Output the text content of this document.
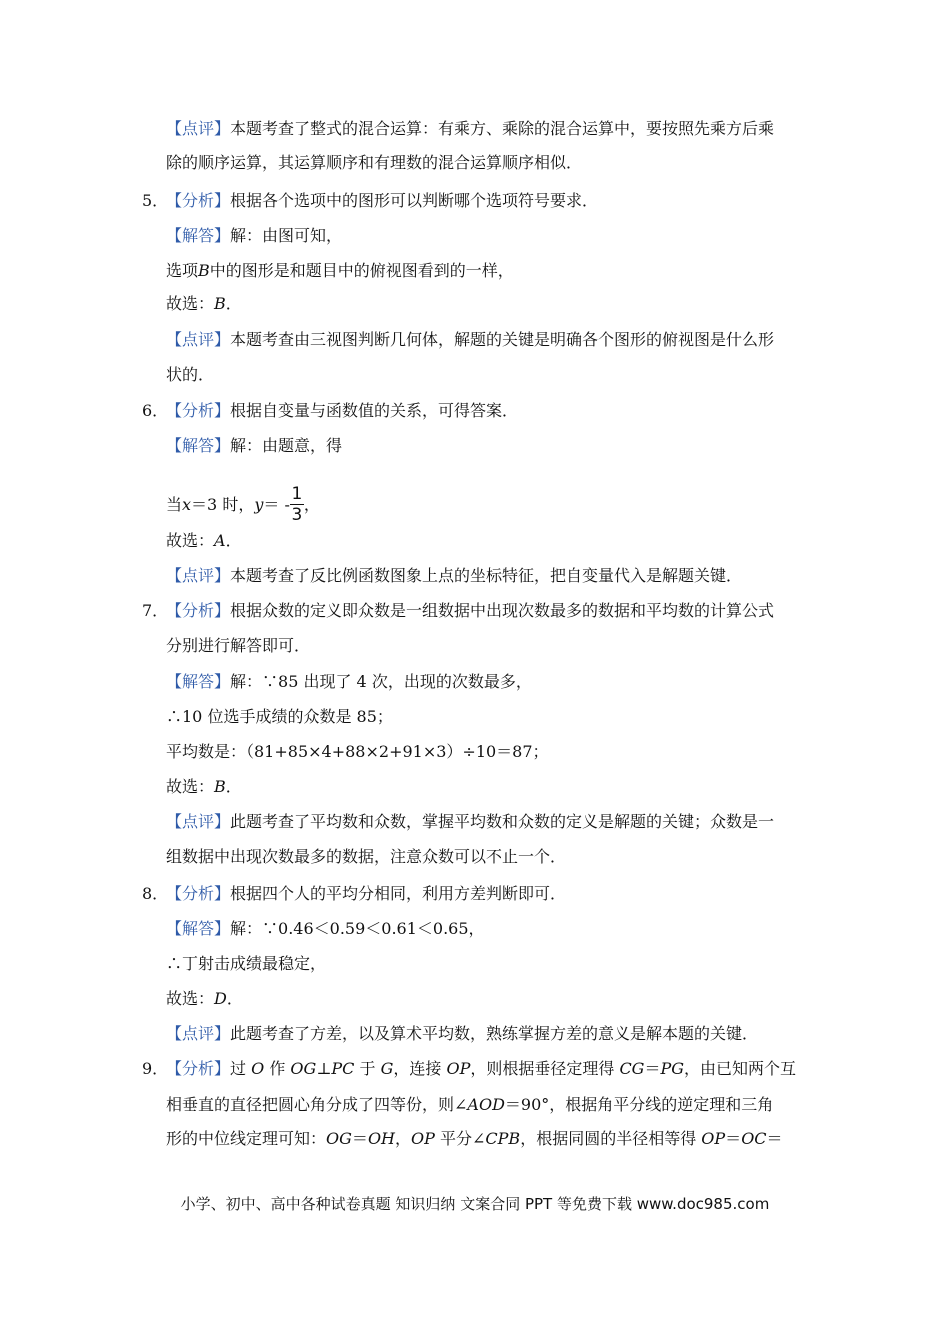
【点评】本题考查了整式的混合运算：有乘方、乘除的混合运算中，要按照先乘方后乘
除的顺序运算，其运算顺序和有理数的混合运算顺序相似．
5．
【分析】根据各个选项中的图形可以判断哪个选项符号要求．
【解答】解：由图可知，
选项B中的图形是和题目中的俯视图看到的一样，
故选：B．
【点评】本题考查由三视图判断几何体，解题的关键是明确各个图形的俯视图是什么形
状的．
6．
【分析】根据自变量与函数值的关系，可得答案．
【解答】解：由题意，得
当x＝3 时，$y= - \frac{1}{3}$ ，
故选：A．
【点评】本题考查了反比例函数图象上点的坐标特征，把自变量代入是解题关键．
7．
【分析】根据众数的定义即众数是一组数据中出现次数最多的数据和平均数的计算公式
分别进行解答即可．
【解答】解：∵85 出现了 4 次，出现的次数最多，
∴10 位选手成绩的众数是 85；
平均数是：（81+85×4+88×2+91×3）÷10＝87；
故选：B．
【点评】此题考查了平均数和众数，掌握平均数和众数的定义是解题的关键；众数是一
组数据中出现次数最多的数据，注意众数可以不止一个．
8．
【分析】根据四个人的平均分相同，利用方差判断即可．
【解答】解：∵0.46＜0.59＜0.61＜0.65，
∴丁射击成绩最稳定，
故选：D．
【点评】此题考查了方差，以及算术平均数，熟练掌握方差的意义是解本题的关键．
9．
【分析】过 O 作 OG⊥PC 于 G，连接 OP，则根据垂径定理得 CG＝PG，由已知两个互
相垂直的直径把圆心角分成了四等份，则∠AOD＝90°，根据角平分线的逆定理和三角
形的中位线定理可知：OG＝OH，OP 平分∠CPB，根据同圆的半径相等得 OP＝OC＝
小学、初中、高中各种试卷真题 知识归纳 文案合同 PPT 等免费下载 www.doc985.com
